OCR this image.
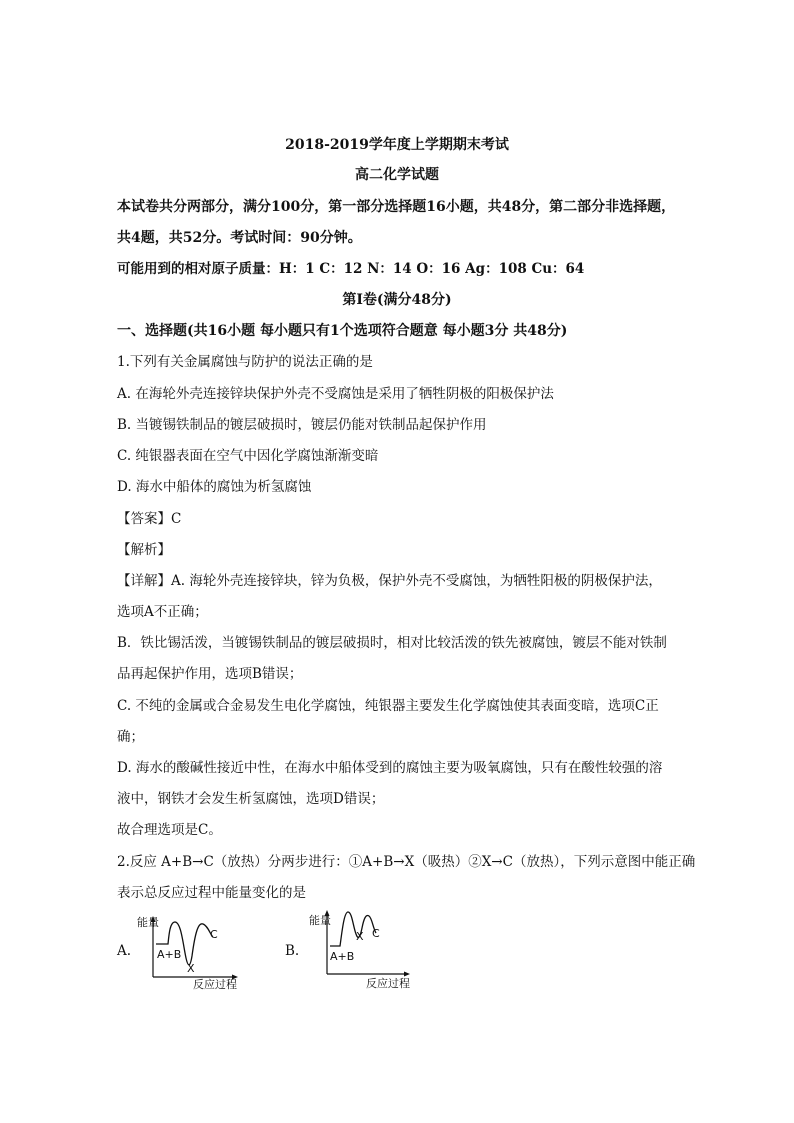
2018-2019学年度上学期期末考试
高二化学试题
本试卷共分两部分，满分100分，第一部分选择题16小题，共48分，第二部分非选择题，
共4题，共52分。考试时间：90分钟。
可能用到的相对原子质量：H：1 C：12 N：14 O：16 Ag：108 Cu：64
第Ⅰ卷(满分48分)
一、选择题(共16小题 每小题只有1个选项符合题意 每小题3分 共48分)
1.下列有关金属腐蚀与防护的说法正确的是
A. 在海轮外壳连接锌块保护外壳不受腐蚀是采用了牺牲阴极的阳极保护法
B. 当镀锡铁制品的镀层破损时，镀层仍能对铁制品起保护作用
C. 纯银器表面在空气中因化学腐蚀渐渐变暗
D. 海水中船体的腐蚀为析氢腐蚀
【答案】C
【解析】
【详解】A. 海轮外壳连接锌块，锌为负极，保护外壳不受腐蚀，为牺牲阳极的阴极保护法，
选项A不正确；
B．铁比锡活泼，当镀锡铁制品的镀层破损时，相对比较活泼的铁先被腐蚀，镀层不能对铁制
品再起保护作用，选项B错误；
C. 不纯的金属或合金易发生电化学腐蚀，纯银器主要发生化学腐蚀使其表面变暗，选项C正
确；
D. 海水的酸碱性接近中性，在海水中船体受到的腐蚀主要为吸氧腐蚀，只有在酸性较强的溶
液中，钢铁才会发生析氢腐蚀，选项D错误；
故合理选项是C。
2.反应 A+B→C（放热）分两步进行：①A+B→X（吸热）②X→C（放热），下列示意图中能正确
表示总反应过程中能量变化的是
A.
能量
A+B
X
C
反应过程
B.
能量
A+B
X C
反应过程
